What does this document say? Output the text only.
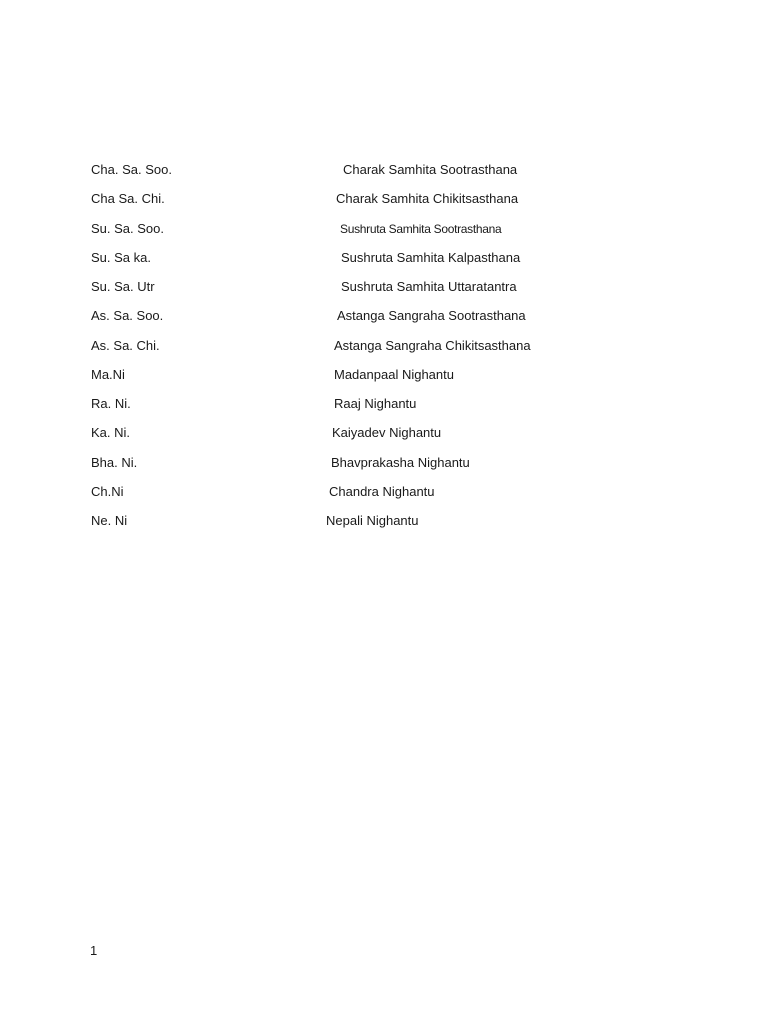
Cha. Sa. Soo.	Charak Samhita Sootrasthana
Cha Sa. Chi.	Charak Samhita Chikitsasthana
Su. Sa. Soo.	Sushruta Samhita Sootrasthana
Su. Sa ka.	Sushruta Samhita Kalpasthana
Su. Sa. Utr	Sushruta Samhita Uttaratantra
As. Sa. Soo.	Astanga Sangraha Sootrasthana
As. Sa. Chi.	Astanga Sangraha Chikitsasthana
Ma.Ni	Madanpaal Nighantu
Ra. Ni.	Raaj Nighantu
Ka. Ni.	Kaiyadev Nighantu
Bha. Ni.	Bhavprakasha Nighantu
Ch.Ni	Chandra Nighantu
Ne. Ni	Nepali Nighantu
1
